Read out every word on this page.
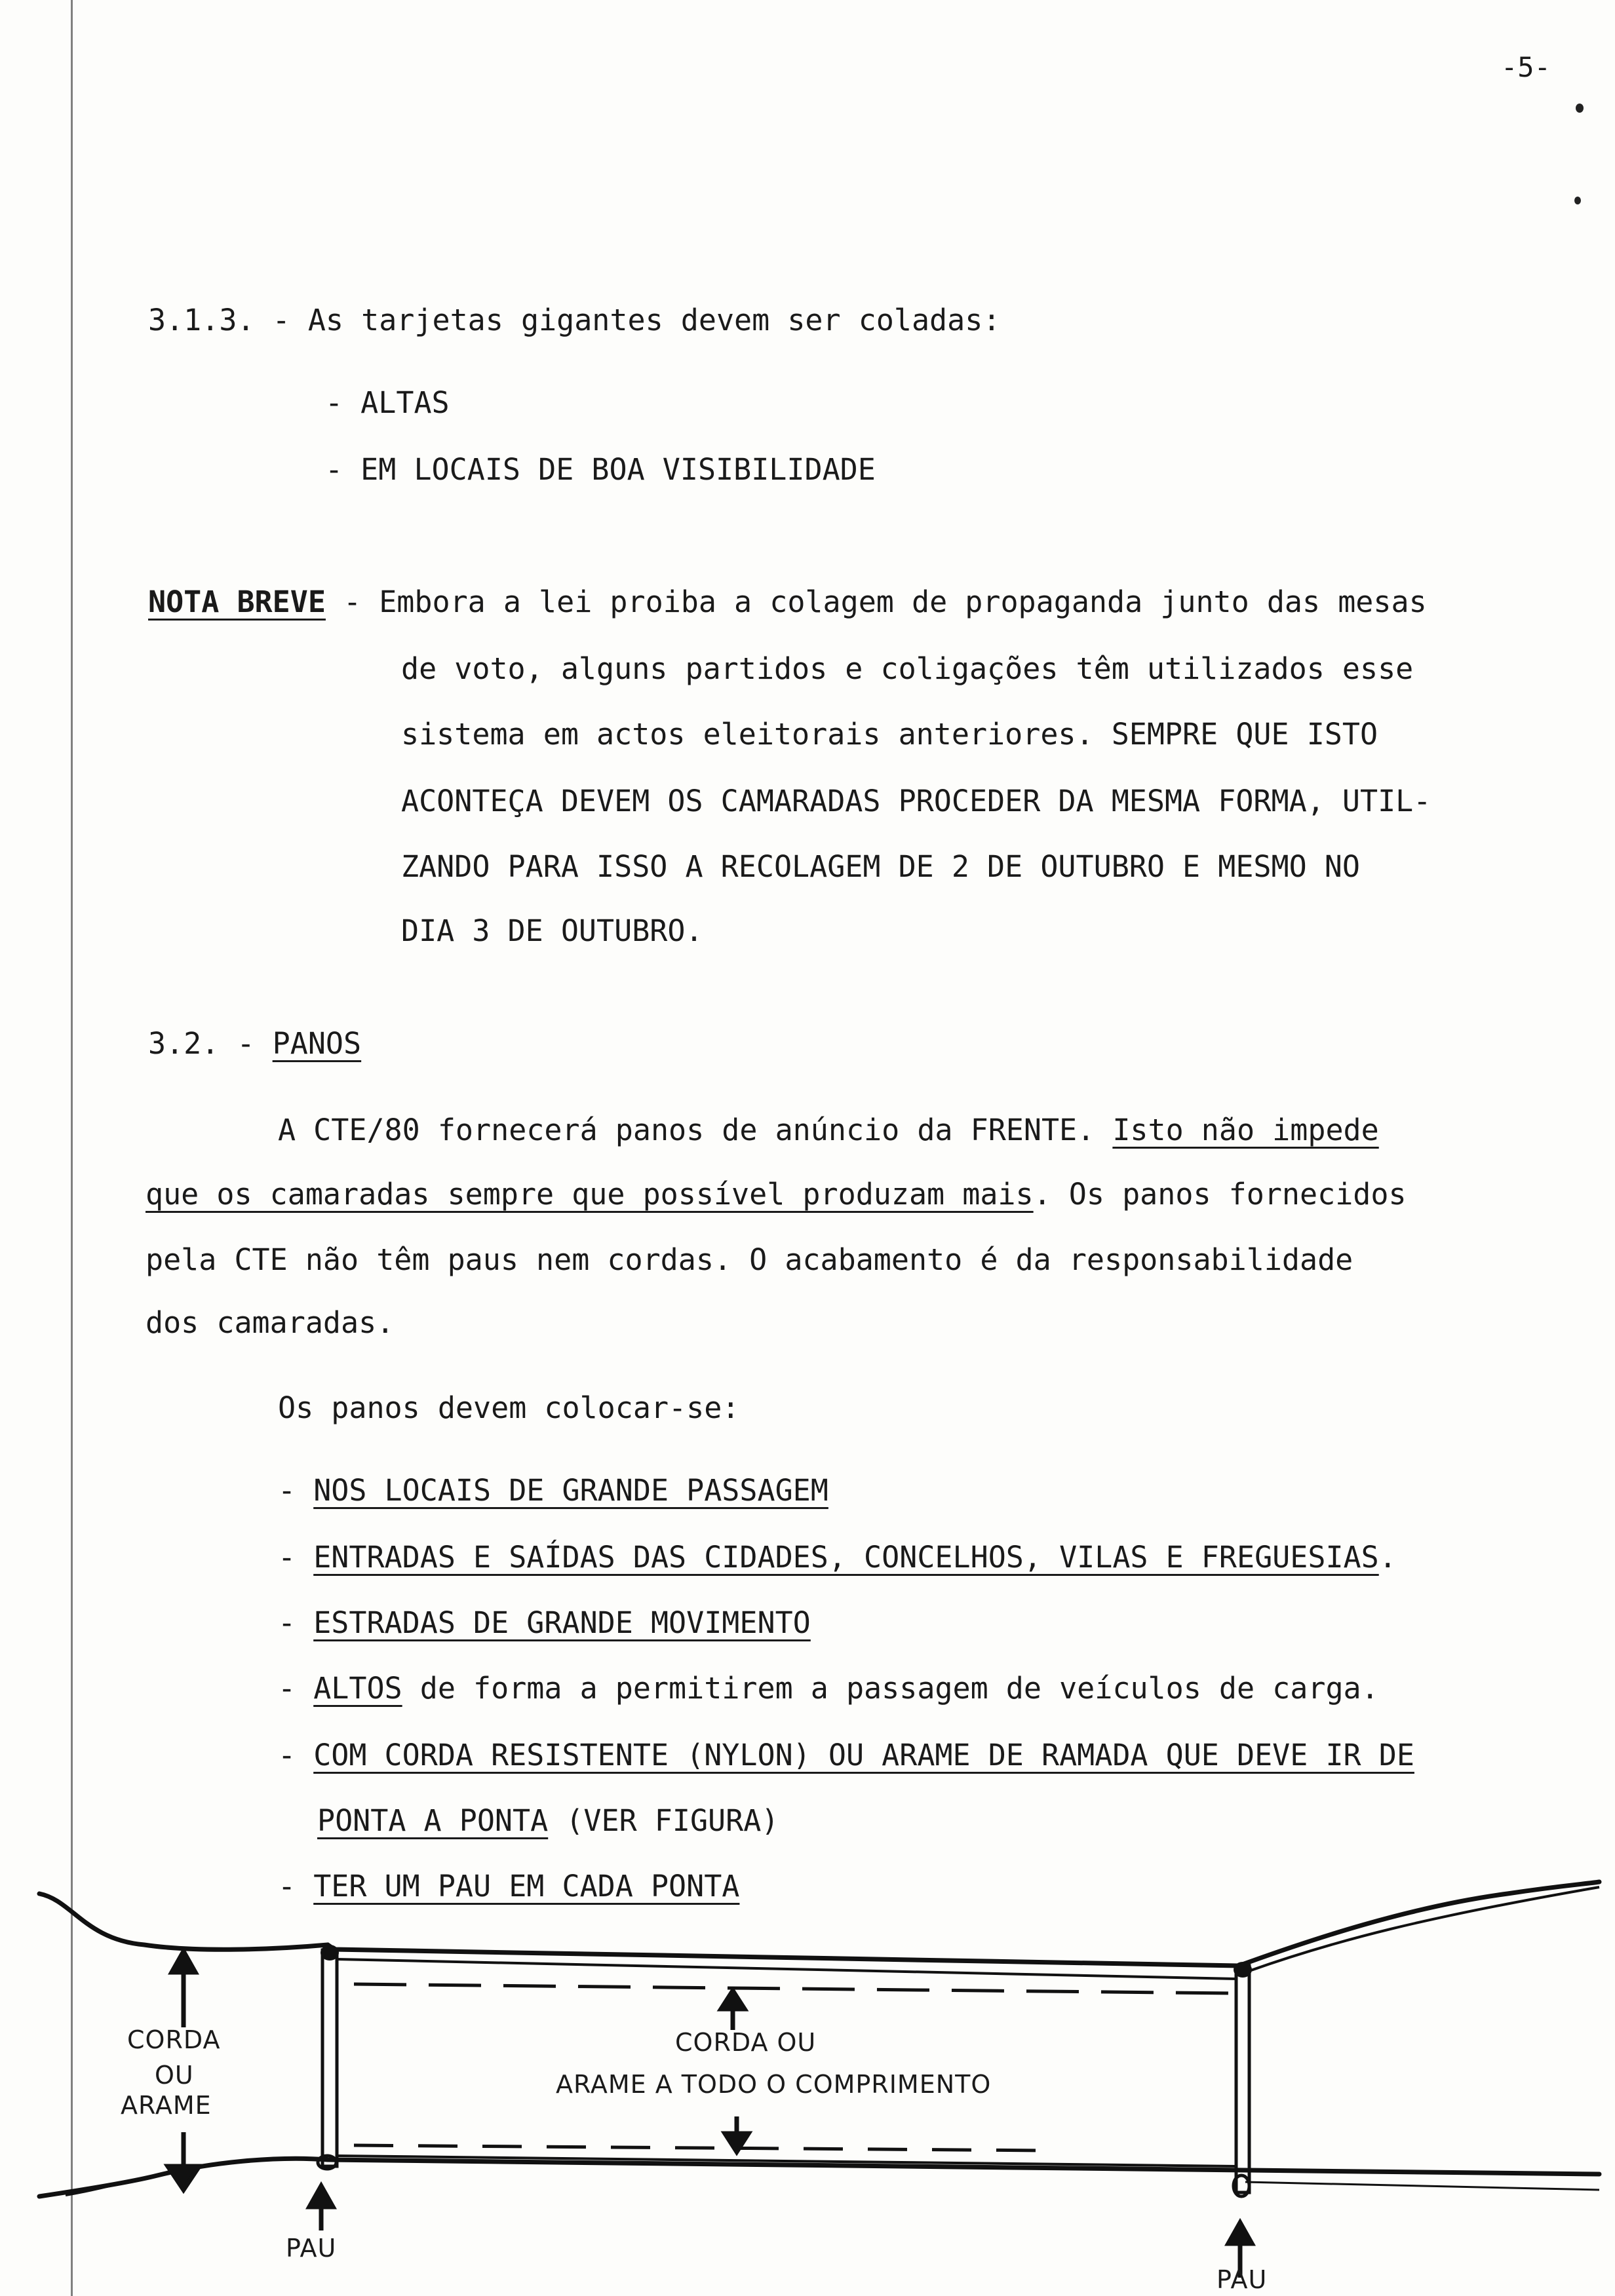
-5-
3.1.3. - As tarjetas gigantes devem ser coladas:
- ALTAS
- EM LOCAIS DE BOA VISIBILIDADE
NOTA BREVE - Embora a lei proiba a colagem de propaganda junto das mesas
de voto, alguns partidos e coligações têm utilizados esse
sistema em actos eleitorais anteriores. SEMPRE QUE ISTO
ACONTEÇA DEVEM OS CAMARADAS PROCEDER DA MESMA FORMA, UTIL-
ZANDO PARA ISSO A RECOLAGEM DE 2 DE OUTUBRO E MESMO NO
DIA 3 DE OUTUBRO.
3.2. - PANOS
A CTE/80 fornecerá panos de anúncio da FRENTE. Isto não impede
que os camaradas sempre que possível produzam mais. Os panos fornecidos
pela CTE não têm paus nem cordas. O acabamento é da responsabilidade
dos camaradas.
Os panos devem colocar-se:
- NOS LOCAIS DE GRANDE PASSAGEM
- ENTRADAS E SAÍDAS DAS CIDADES, CONCELHOS, VILAS E FREGUESIAS.
- ESTRADAS DE GRANDE MOVIMENTO
- ALTOS de forma a permitirem a passagem de veículos de carga.
- COM CORDA RESISTENTE (NYLON) OU ARAME DE RAMADA QUE DEVE IR DE
PONTA A PONTA (VER FIGURA)
- TER UM PAU EM CADA PONTA
CORDA
OU
ARAME
CORDA OU
ARAME A TODO O COMPRIMENTO
PAU
PAU
